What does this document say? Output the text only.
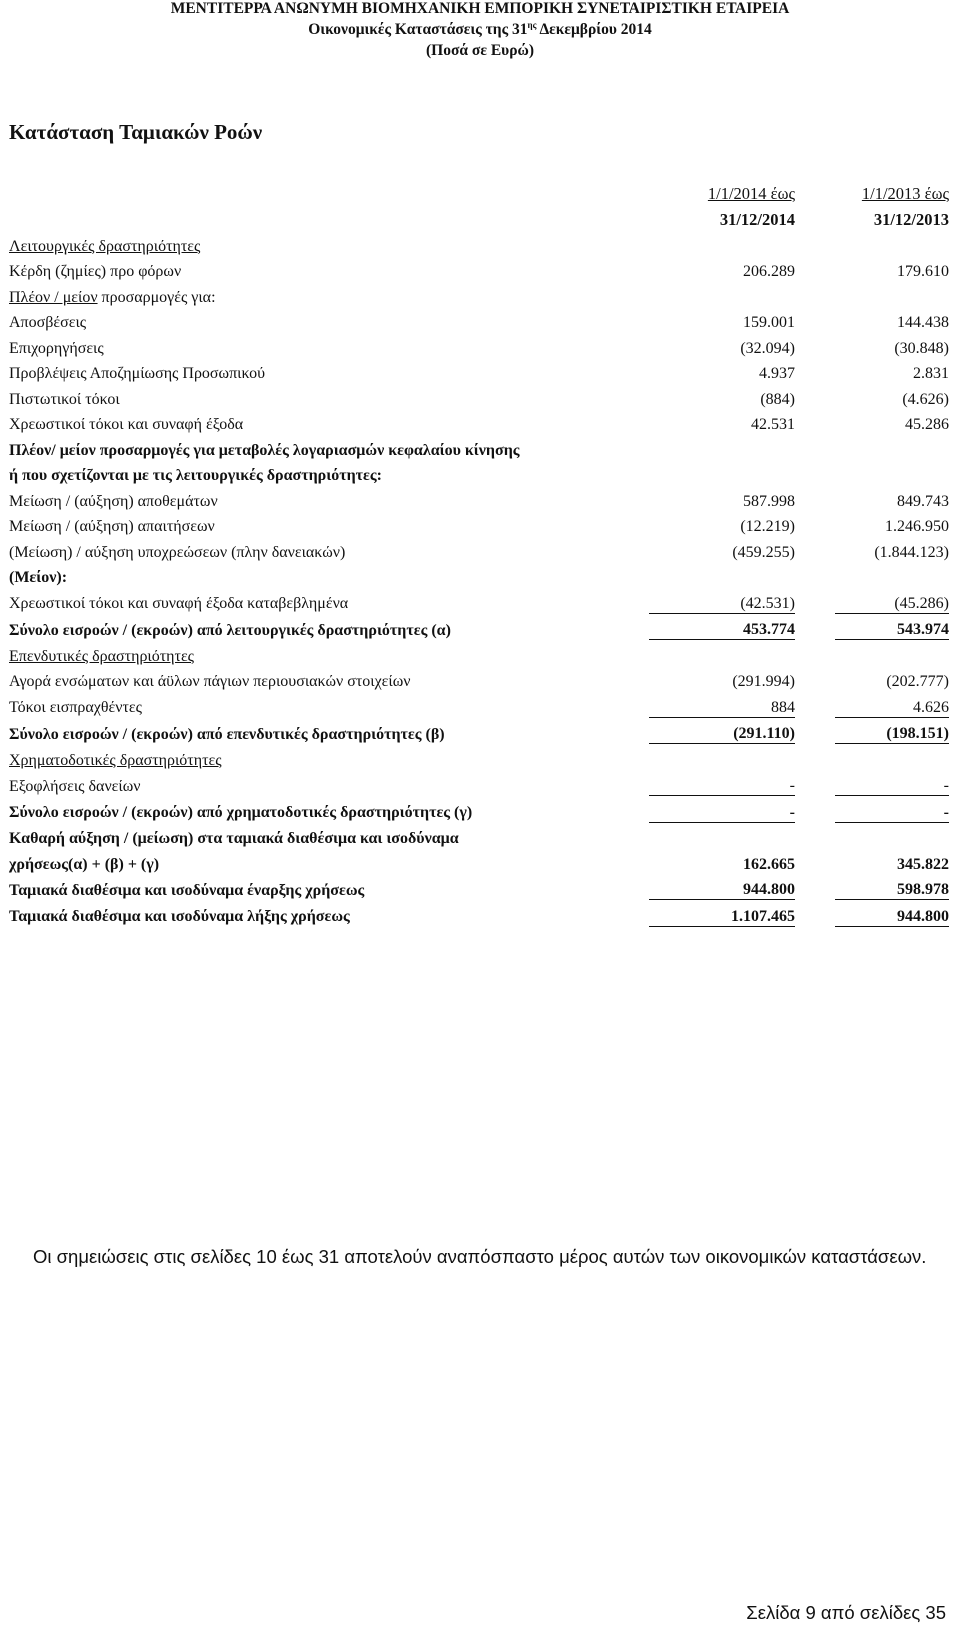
ΜΕΝΤΙΤΕΡΡΑ ΑΝΩΝΥΜΗ ΒΙΟΜΗΧΑΝΙΚΗ ΕΜΠΟΡΙΚΗ ΣΥΝΕΤΑΙΡΙΣΤΙΚΗ ΕΤΑΙΡΕΙΑ
Οικονομικές Καταστάσεις της $31^{\eta\varsigma}$ Δεκεμβρίου 2014
(Ποσά σε Ευρώ)
Κατάσταση Ταμιακών Ροών
	1/1/2014 έως		1/1/2013 έως
	31/12/2014		31/12/2013
Λειτουργικές δραστηριότητες			
Κέρδη (ζημίες) προ φόρων	206.289		179.610
Πλέον / μείον προσαρμογές για:			
Αποσβέσεις	159.001		144.438
Επιχορηγήσεις	(32.094)		(30.848)
Προβλέψεις Αποζημίωσης Προσωπικού	4.937		2.831
Πιστωτικοί τόκοι	(884)		(4.626)
Χρεωστικοί τόκοι και συναφή έξοδα	42.531		45.286
Πλέον/ μείον προσαρμογές για μεταβολές λογαριασμών κεφαλαίου κίνησης			
ή που σχετίζονται με τις λειτουργικές δραστηριότητες:			
Μείωση / (αύξηση) αποθεμάτων	587.998		849.743
Μείωση / (αύξηση) απαιτήσεων	(12.219)		1.246.950
(Μείωση) / αύξηση υποχρεώσεων (πλην δανειακών)	(459.255)		(1.844.123)
(Μείον):			
Χρεωστικοί τόκοι και συναφή έξοδα καταβεβλημένα	(42.531)		(45.286)
Σύνολο εισροών / (εκροών) από λειτουργικές δραστηριότητες (α)	453.774		543.974
Επενδυτικές δραστηριότητες			
Αγορά ενσώματων και άϋλων πάγιων περιουσιακών στοιχείων	(291.994)		(202.777)
Τόκοι εισπραχθέντες	884		4.626
Σύνολο εισροών / (εκροών) από επενδυτικές δραστηριότητες (β)	(291.110)		(198.151)
Χρηματοδοτικές δραστηριότητες			
Εξοφλήσεις δανείων	-		-
Σύνολο εισροών / (εκροών) από χρηματοδοτικές δραστηριότητες (γ)	-		-
Καθαρή αύξηση / (μείωση) στα ταμιακά διαθέσιμα και ισοδύναμα			
χρήσεως(α) + (β) + (γ)	162.665		345.822
Ταμιακά διαθέσιμα και ισοδύναμα έναρξης χρήσεως	944.800		598.978
Ταμιακά διαθέσιμα και ισοδύναμα λήξης χρήσεως	1.107.465		944.800
Οι σημειώσεις στις σελίδες 10 έως 31 αποτελούν αναπόσπαστο μέρος αυτών των οικονομικών καταστάσεων.
Σελίδα 9 από σελίδες 35
